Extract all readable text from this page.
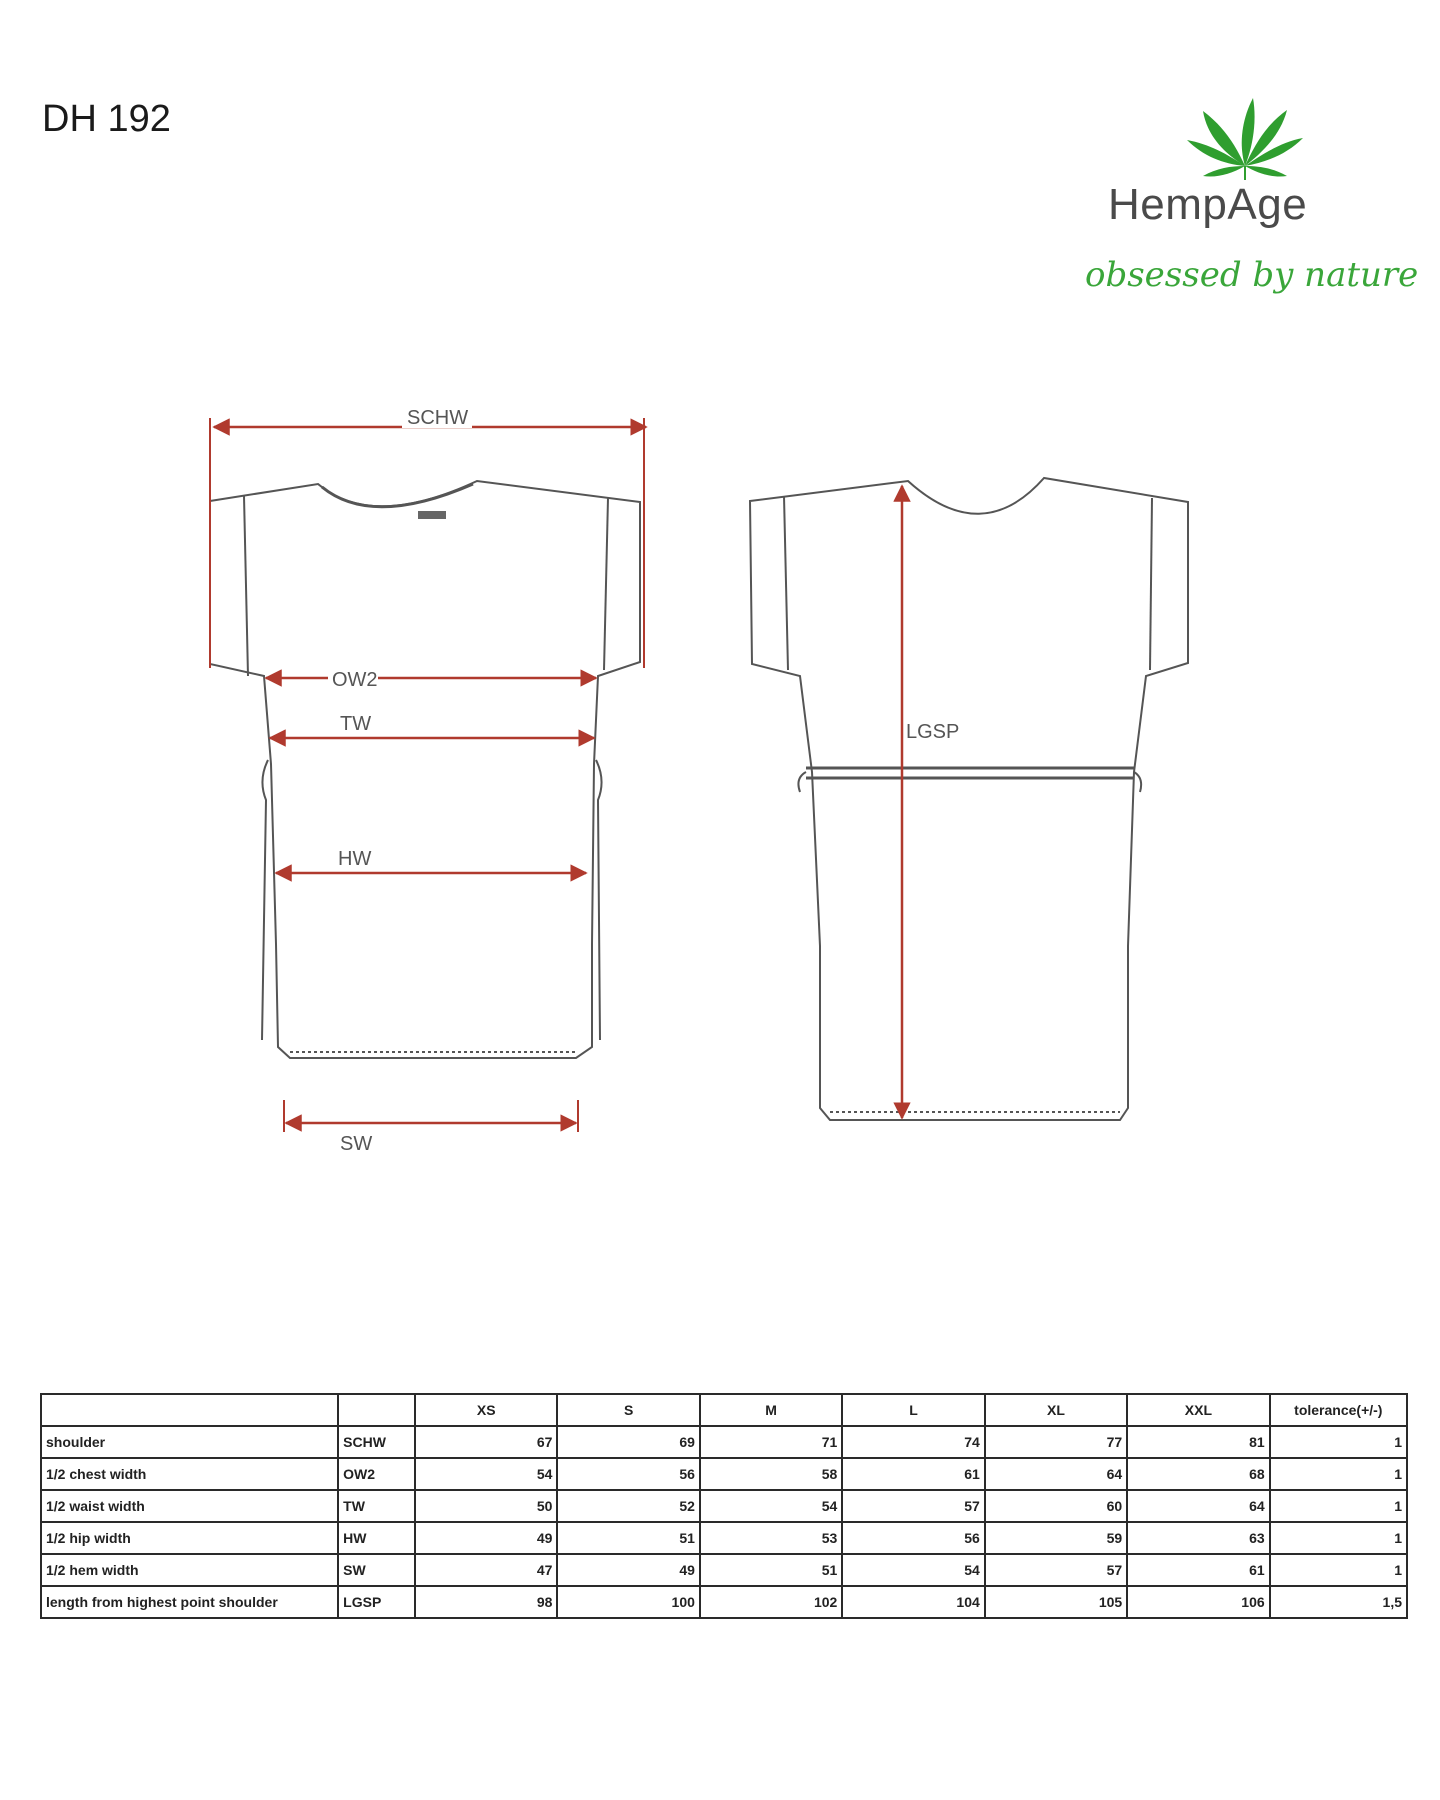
DH 192
HempAge
obsessed by nature
SCHW
OW2
TW
HW
SW
LGSP
		XS	S	M	L	XL	XXL	tolerance(+/-)
shoulder	SCHW	67	69	71	74	77	81	1
1/2 chest width	OW2	54	56	58	61	64	68	1
1/2 waist width	TW	50	52	54	57	60	64	1
1/2 hip width	HW	49	51	53	56	59	63	1
1/2 hem width	SW	47	49	51	54	57	61	1
length from highest point shoulder	LGSP	98	100	102	104	105	106	1,5
